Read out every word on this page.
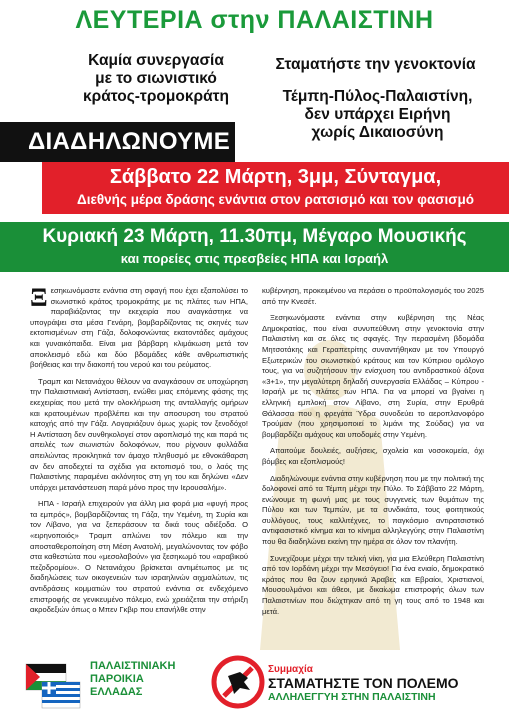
ΛΕΥΤΕΡΙΑ στην ΠΑΛΑΙΣΤΙΝΗ
Καμία συνεργασία
με το σιωνιστικό
κράτος-τρομοκράτη
Σταματήστε την γενοκτονία
Τέμπη-Πύλος-Παλαιστίνη,
δεν υπάρχει Ειρήνη
χωρίς Δικαιοσύνη
ΔΙΑΔΗΛΩΝΟΥΜΕ
Σάββατο 22 Μάρτη, 3μμ, Σύνταγμα,
Διεθνής μέρα δράσης ενάντια στον ρατσισμό και τον φασισμό
Κυριακή 23 Μάρτη, 11.30πμ, Μέγαρο Μουσικής
και πορείες στις πρεσβείες ΗΠΑ και Ισραήλ

Ξεσηκωνόμαστε ενάντια στη σφαγή που έχει εξαπολύσει το σιωνιστικό κράτος τρομοκράτης με τις πλάτες των ΗΠΑ, παραβιάζοντας την εκεχειρία που αναγκάστηκε να υπογράψει στα μέσα Γενάρη, βομβαρδίζοντας τις σκηνές των εκτοπισμένων στη Γάζα, δολοφονώντας εκατοντάδες αμάχους και γυναικόπαιδα. Είναι μια βάρβαρη κλιμάκωση μετά τον αποκλεισμό εδώ και δύο βδομάδες κάθε ανθρωπιστικής βοήθειας και την διακοπή του νερού και του ρεύματος.

Τραμπ και Νετανιάχου θέλουν να αναγκάσουν σε υποχώρηση την Παλαιστινιακή Αντίσταση, ενώθει μιας επόμενης φάσης της εκεχειρίας που μετά την ολοκλήρωση της ανταλλαγής ομήρων και κρατουμένων προβλέπει και την αποσυρση του στρατού κατοχής από την Γάζα. Λογαριάζουν όμως χωρίς τον ξενοδόχο! Η Αντίσταση δεν συνθηκολογεί στον αφοπλισμό της και παρά τις απειλές των σιωνιστών δολοφόνων, που ρίχνουν φυλλάδια απειλώντας προκλητικά τον άμαχο πληθυσμό με εθνοκάθαρση αν δεν αποδεχτεί τα σχέδια για εκτοπισμό του, ο λαός της Παλαιστίνης παραμένει ακλόνητος στη γη του και δηλώνει «Δεν υπάρχει μετανάστευση παρά μόνο προς την Ιερουσαλήμ».

ΗΠΑ - Ισραήλ επιχειρούν για άλλη μια φορά μια «φυγή προς τα εμπρός», βομβαρδίζοντας τη Γάζα, την Υεμένη, τη Συρία και τον Λίβανο, για να ξεπεράσουν τα δικά τους αδιέξοδα. Ο «ειρηνοποιός» Τραμπ απλώνει τον πόλεμο και την αποσταθεροποίηση στη Μέση Ανατολή, μεγαλώνοντας τον φόβο στα καθεστώτα που «μεσολαβούν» για ξεσηκωμό του «αραβικού πεζοδρομίου». Ο Νετανιάχου βρίσκεται αντιμέτωπος με τις διαδηλώσεις των οικογενειών των ισραηλινών αιχμαλώτων, τις αντιδράσεις κομματιών του στρατού ενάντια σε ενδεχόμενο επιστροφής σε γενικευμένο πόλεμο, ενώ χρειάζεται την στήριξη ακροδεξιών όπως ο Μπεν Γκβιρ που επανήλθε στην

κυβέρνηση, προκειμένου να περάσει ο προϋπολογισμός του 2025 από την Κνεσέτ.

Ξεσηκωνόμαστε ενάντια στην κυβέρνηση της Νέας Δημοκρατίας, που είναι συνυπεύθυνη στην γενοκτονία στην Παλαιστίνη και σε όλες τις σφαγές. Την περασμένη βδομάδα Μητσοτάκης και Γεραπετρίτης συναντήθηκαν με τον Υπουργό Εξωτερικών του σιωνιστικού κράτους και τον Κύπριου ομόλογο τους, για να συζητήσουν την ενίσχυση του αντιδραστικού άξονα «3+1», την μεγαλύτερη δηλαδή συνεργασία Ελλάδας – Κύπρου - Ισραήλ με τις πλάτες των ΗΠΑ. Για να μπορεί να βγαίνει η ελληνική εμπλοκή στον Λίβανο, στη Συρία, στην Ερυθρά Θάλασσα που η φρεγάτα Ύδρα συνοδεύει το αεροπλανοφόρο Τρούμαν (που χρησιμοποιεί το λιμάνι της Σούδας) για να βομβαρδίζει αμάχους και υποδομές στην Υεμένη.

Απαιτούμε δουλειές, αυξήσεις, σχολεία και νοσοκομεία, όχι βόμβες και εξοπλισμούς!

Διαδηλώνουμε ενάντια στην κυβέρνηση που με την πολιτική της δολοφονεί από τα Τέμπη μέχρι την Πύλο. Το Σάββατο 22 Μάρτη, ενώνουμε τη φωνή μας με τους συγγενείς των θυμάτων της Πύλου και των Τεμπών, με τα συνδικάτα, τους φοιτητικούς συλλόγους, τους καλλιτέχνες, το παγκόσμιο αντιρατσιστικό αντιφασιστικό κίνημα και το κίνημα αλληλεγγύης στην Παλαιστίνη που θα διαδηλώνει εκείνη την ημέρα σε όλον τον πλανήτη.

Συνεχίζουμε μέχρι την τελική νίκη, για μια Ελεύθερη Παλαιστίνη από τον Ιορδάνη μέχρι την Μεσόγειο! Για ένα ενιαίο, δημοκρατικό κράτος που θα ζουν ειρηνικά Άραβες και Εβραίοι, Χριστιανοί, Μουσουλμάνοι και άθεοι, με δικαίωμα επιστροφής όλων των Παλαιστινίων που διώχτηκαν από τη γη τους από το 1948 και μετά.

ΠΑΛΑΙΣΤΙΝΙΑΚΗ
ΠΑΡΟΙΚΙΑ
ΕΛΛΑΔΑΣ
Συμμαχία
ΣΤΑΜΑΤΗΣΤΕ ΤΟΝ ΠΟΛΕΜΟ
ΑΛΛΗΛΕΓΓΥΗ ΣΤΗΝ ΠΑΛΑΙΣΤΙΝΗ
